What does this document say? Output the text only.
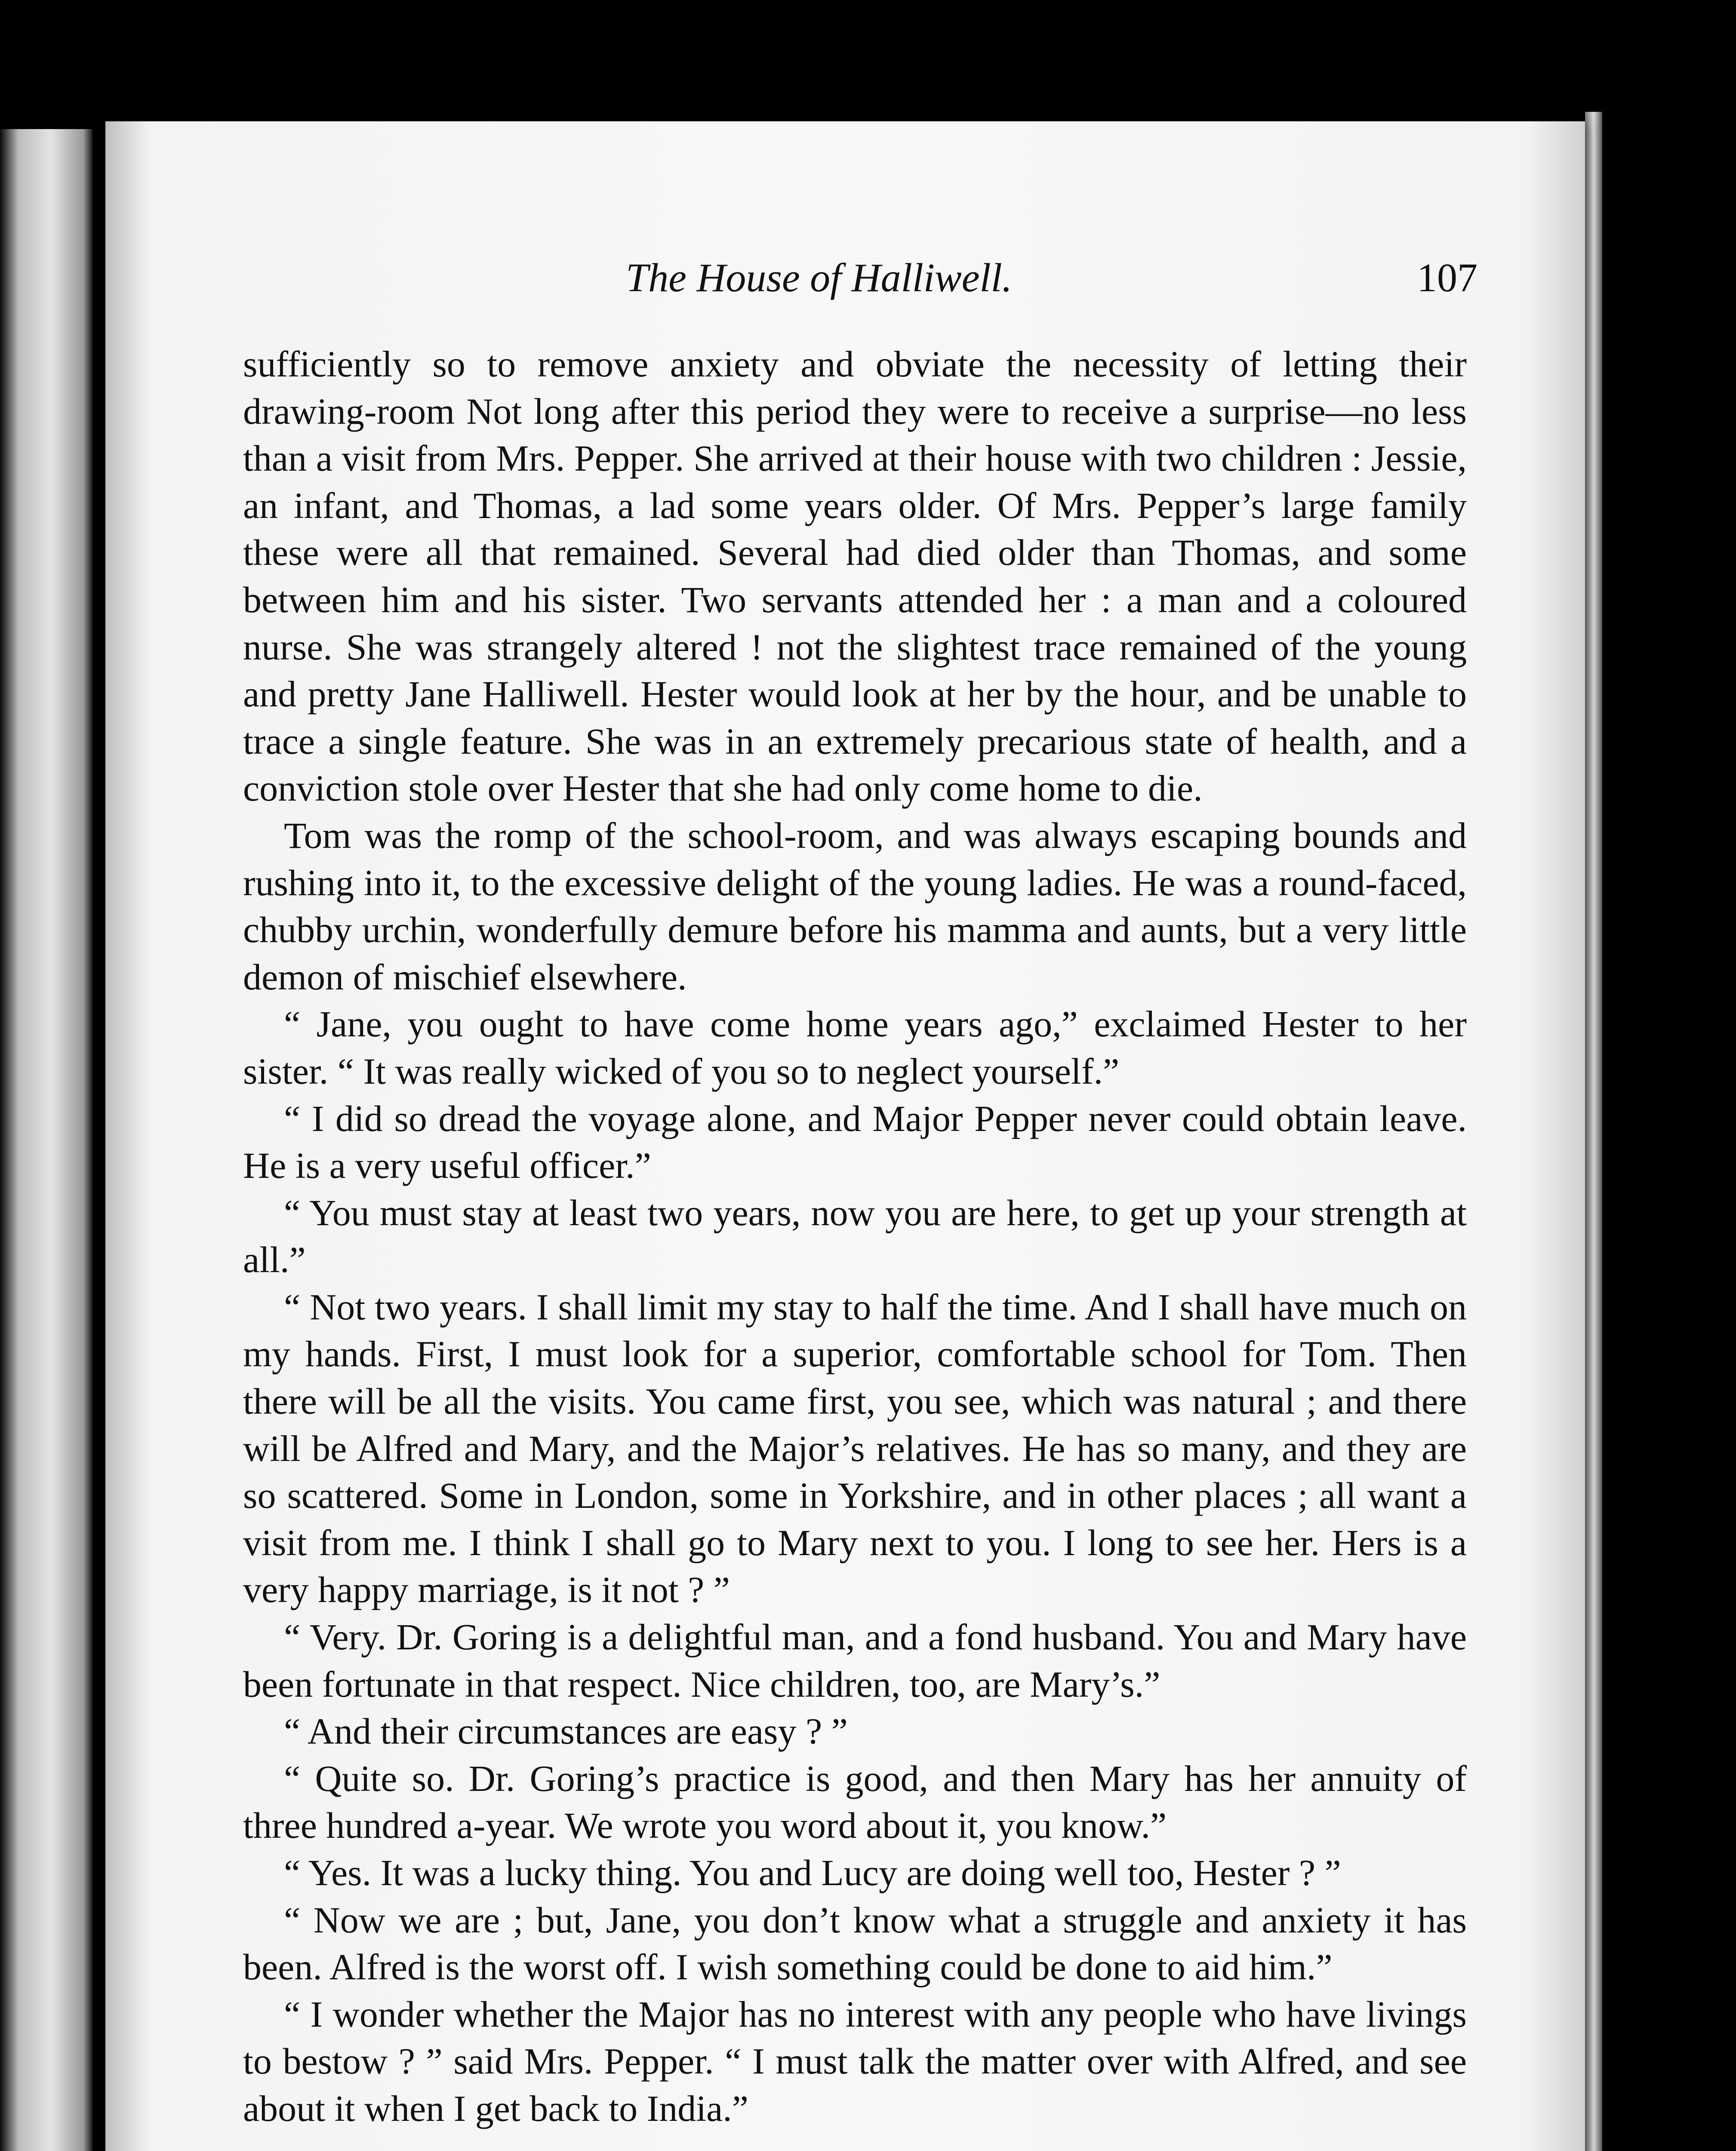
The House of Halliwell.	107

sufficiently so to remove anxiety and obviate the necessity of letting their drawing-room Not long after this period they were to receive a surprise—no less than a visit from Mrs. Pepper. She arrived at their house with two children : Jessie, an infant, and Thomas, a lad some years older. Of Mrs. Pepper’s large family these were all that remained. Several had died older than Thomas, and some between him and his sister. Two servants attended her : a man and a coloured nurse. She was strangely altered ! not the slightest trace remained of the young and pretty Jane Halliwell. Hester would look at her by the hour, and be unable to trace a single feature. She was in an extremely precarious state of health, and a conviction stole over Hester that she had only come home to die.

Tom was the romp of the school-room, and was always escaping bounds and rushing into it, to the excessive delight of the young ladies. He was a round-faced, chubby urchin, wonderfully demure before his mamma and aunts, but a very little demon of mischief elsewhere.

“ Jane, you ought to have come home years ago,” exclaimed Hester to her sister. “ It was really wicked of you so to neglect yourself.”

“ I did so dread the voyage alone, and Major Pepper never could obtain leave. He is a very useful officer.”

“ You must stay at least two years, now you are here, to get up your strength at all.”

“ Not two years. I shall limit my stay to half the time. And I shall have much on my hands. First, I must look for a superior, comfortable school for Tom. Then there will be all the visits. You came first, you see, which was natural ; and there will be Alfred and Mary, and the Major’s relatives. He has so many, and they are so scattered. Some in London, some in Yorkshire, and in other places ; all want a visit from me. I think I shall go to Mary next to you. I long to see her. Hers is a very happy marriage, is it not ? ”

“ Very. Dr. Goring is a delightful man, and a fond husband. You and Mary have been fortunate in that respect. Nice children, too, are Mary’s.”

“ And their circumstances are easy ? ”

“ Quite so. Dr. Goring’s practice is good, and then Mary has her annuity of three hundred a-year. We wrote you word about it, you know.”

“ Yes. It was a lucky thing. You and Lucy are doing well too, Hester ? ”

“ Now we are ; but, Jane, you don’t know what a struggle and anxiety it has been. Alfred is the worst off. I wish something could be done to aid him.”

“ I wonder whether the Major has no interest with any people who have livings to bestow ? ” said Mrs. Pepper. “ I must talk the matter over with Alfred, and see about it when I get back to India.”
